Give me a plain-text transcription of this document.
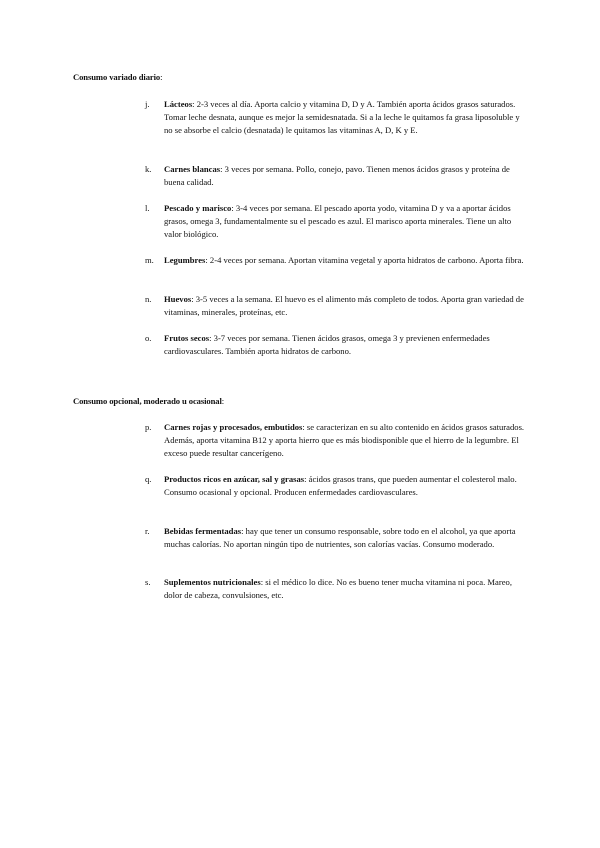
Consumo variado diario:
j. Lácteos: 2-3 veces al día. Aporta calcio y vitamina D, D y A. También aporta ácidos grasos saturados. Tomar leche desnata, aunque es mejor la semidesnatada. Si a la leche le quitamos fa grasa liposoluble y no se absorbe el calcio (desnatada) le quitamos las vitaminas A, D, K y E.
k. Carnes blancas: 3 veces por semana. Pollo, conejo, pavo. Tienen menos ácidos grasos y proteína de buena calidad.
l. Pescado y marisco: 3-4 veces por semana. El pescado aporta yodo, vitamina D y va a aportar ácidos grasos, omega 3, fundamentalmente su el pescado es azul. El marisco aporta minerales. Tiene un alto valor biológico.
m. Legumbres: 2-4 veces por semana. Aportan vitamina vegetal y aporta hidratos de carbono. Aporta fibra.
n. Huevos: 3-5 veces a la semana. El huevo es el alimento más completo de todos. Aporta gran variedad de vitaminas, minerales, proteínas, etc.
o. Frutos secos: 3-7 veces por semana. Tienen ácidos grasos, omega 3 y previenen enfermedades cardiovasculares. También aporta hidratos de carbono.
Consumo opcional, moderado u ocasional:
p. Carnes rojas y procesados, embutidos: se caracterizan en su alto contenido en ácidos grasos saturados. Además, aporta vitamina B12 y aporta hierro que es más biodisponible que el hierro de la legumbre. El exceso puede resultar cancerígeno.
q. Productos ricos en azúcar, sal y grasas: ácidos grasos trans, que pueden aumentar el colesterol malo. Consumo ocasional y opcional. Producen enfermedades cardiovasculares.
r. Bebidas fermentadas: hay que tener un consumo responsable, sobre todo en el alcohol, ya que aporta muchas calorías. No aportan ningún tipo de nutrientes, son calorías vacías. Consumo moderado.
s. Suplementos nutricionales: si el médico lo dice. No es bueno tener mucha vitamina ni poca. Mareo, dolor de cabeza, convulsiones, etc.
